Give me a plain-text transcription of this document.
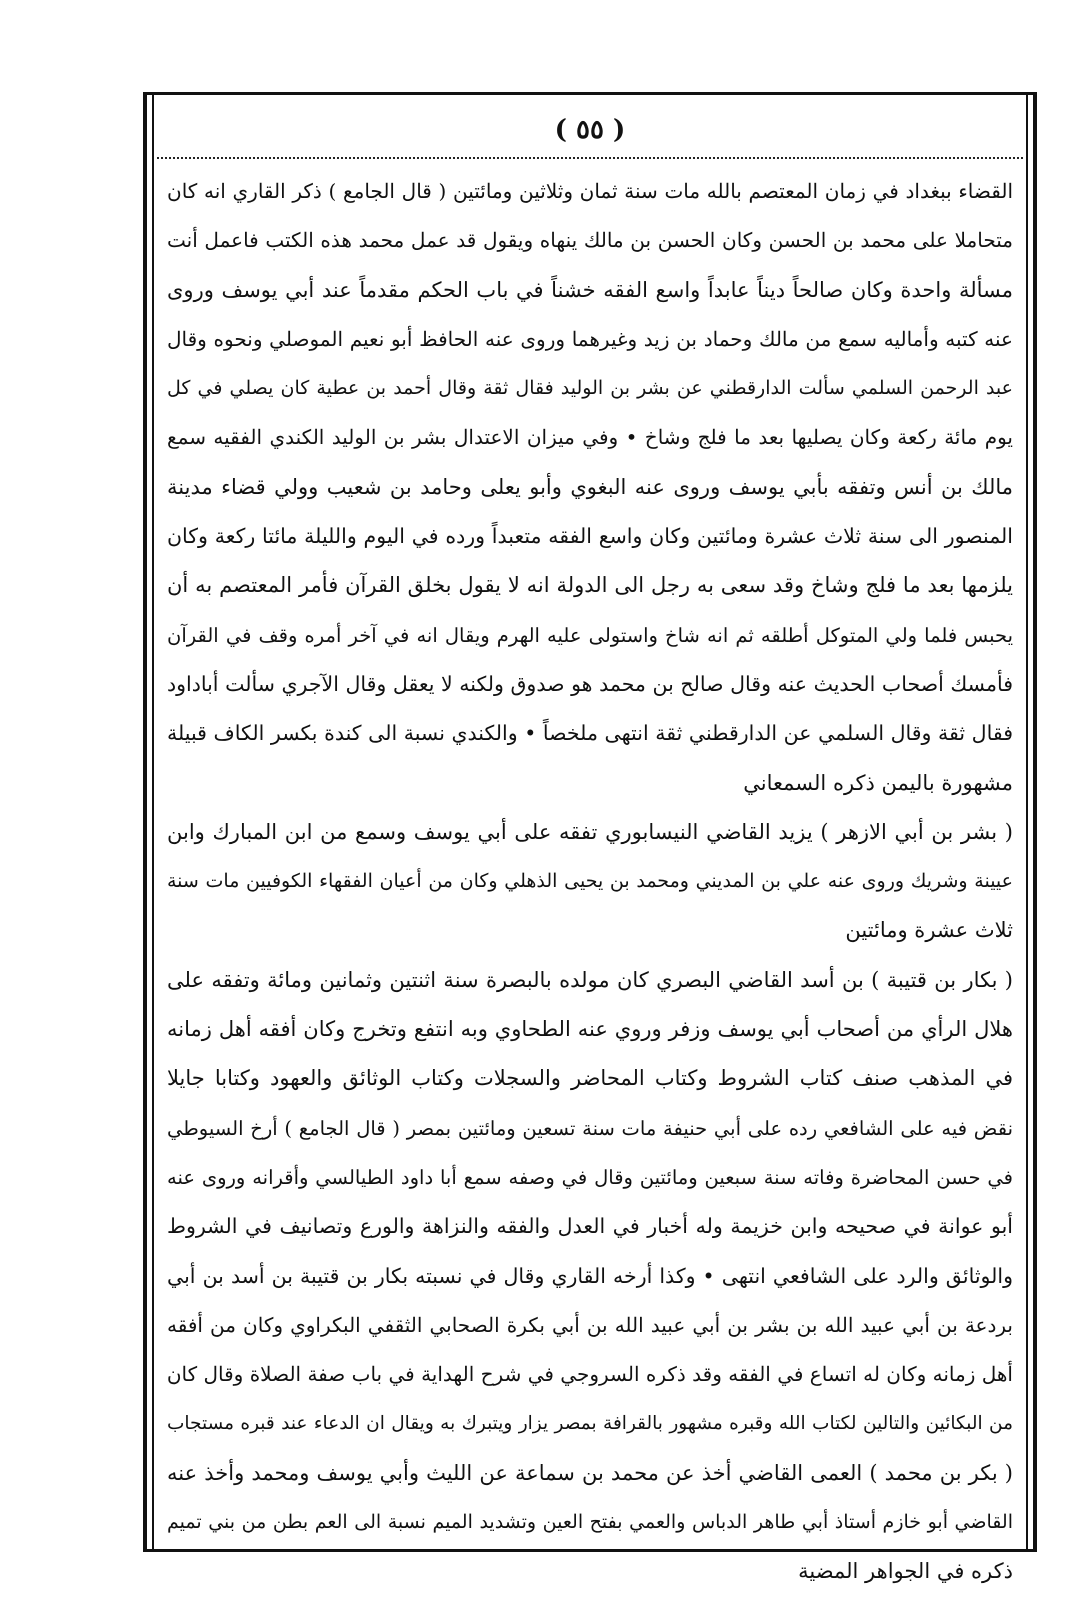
( ٥٥ )
القضاء ببغداد في زمان المعتصم بالله مات سنة ثمان وثلاثين ومائتين ( قال الجامع ) ذكر القاري انه كان
متحاملا على محمد بن الحسن وكان الحسن بن مالك ينهاه ويقول قد عمل محمد هذه الكتب فاعمل أنت
مسألة واحدة وكان صالحاً ديناً عابداً واسع الفقه خشناً في باب الحكم مقدماً عند أبي يوسف وروى
عنه كتبه وأماليه سمع من مالك وحماد بن زيد وغيرهما وروى عنه الحافظ أبو نعيم الموصلي ونحوه وقال
عبد الرحمن السلمي سألت الدارقطني عن بشر بن الوليد فقال ثقة وقال أحمد بن عطية كان يصلي في كل
يوم مائة ركعة وكان يصليها بعد ما فلج وشاخ • وفي ميزان الاعتدال بشر بن الوليد الكندي الفقيه سمع
مالك بن أنس وتفقه بأبي يوسف وروى عنه البغوي وأبو يعلى وحامد بن شعيب وولي قضاء مدينة
المنصور الى سنة ثلاث عشرة ومائتين وكان واسع الفقه متعبداً ورده في اليوم والليلة مائتا ركعة وكان
يلزمها بعد ما فلج وشاخ وقد سعى به رجل الى الدولة انه لا يقول بخلق القرآن فأمر المعتصم به أن
يحبس فلما ولي المتوكل أطلقه ثم انه شاخ واستولى عليه الهرم ويقال انه في آخر أمره وقف في القرآن
فأمسك أصحاب الحديث عنه وقال صالح بن محمد هو صدوق ولكنه لا يعقل وقال الآجري سألت أباداود
فقال ثقة وقال السلمي عن الدارقطني ثقة انتهى ملخصاً • والكندي نسبة الى كندة بكسر الكاف قبيلة
مشهورة باليمن ذكره السمعاني
( بشر بن أبي الازهر ) يزيد القاضي النيسابوري تفقه على أبي يوسف وسمع من ابن المبارك وابن
عيينة وشريك وروى عنه علي بن المديني ومحمد بن يحيى الذهلي وكان من أعيان الفقهاء الكوفيين مات سنة
ثلاث عشرة ومائتين
( بكار بن قتيبة ) بن أسد القاضي البصري كان مولده بالبصرة سنة اثنتين وثمانين ومائة وتفقه على
هلال الرأي من أصحاب أبي يوسف وزفر وروي عنه الطحاوي وبه انتفع وتخرج وكان أفقه أهل زمانه
في المذهب صنف كتاب الشروط وكتاب المحاضر والسجلات وكتاب الوثائق والعهود وكتابا جايلا
نقض فيه على الشافعي رده على أبي حنيفة مات سنة تسعين ومائتين بمصر ( قال الجامع ) أرخ السيوطي
في حسن المحاضرة وفاته سنة سبعين ومائتين وقال في وصفه سمع أبا داود الطيالسي وأقرانه وروى عنه
أبو عوانة في صحيحه وابن خزيمة وله أخبار في العدل والفقه والنزاهة والورع وتصانيف في الشروط
والوثائق والرد على الشافعي انتهى • وكذا أرخه القاري وقال في نسبته بكار بن قتيبة بن أسد بن أبي
بردعة بن أبي عبيد الله بن بشر بن أبي عبيد الله بن أبي بكرة الصحابي الثقفي البكراوي وكان من أفقه
أهل زمانه وكان له اتساع في الفقه وقد ذكره السروجي في شرح الهداية في باب صفة الصلاة وقال كان
من البكائين والتالين لكتاب الله وقبره مشهور بالقرافة بمصر يزار ويتبرك به ويقال ان الدعاء عند قبره مستجاب
( بكر بن محمد ) العمى القاضي أخذ عن محمد بن سماعة عن الليث وأبي يوسف ومحمد وأخذ عنه
القاضي أبو خازم أستاذ أبي طاهر الدباس والعمي بفتح العين وتشديد الميم نسبة الى العم بطن من بني تميم
ذكره في الجواهر المضية
